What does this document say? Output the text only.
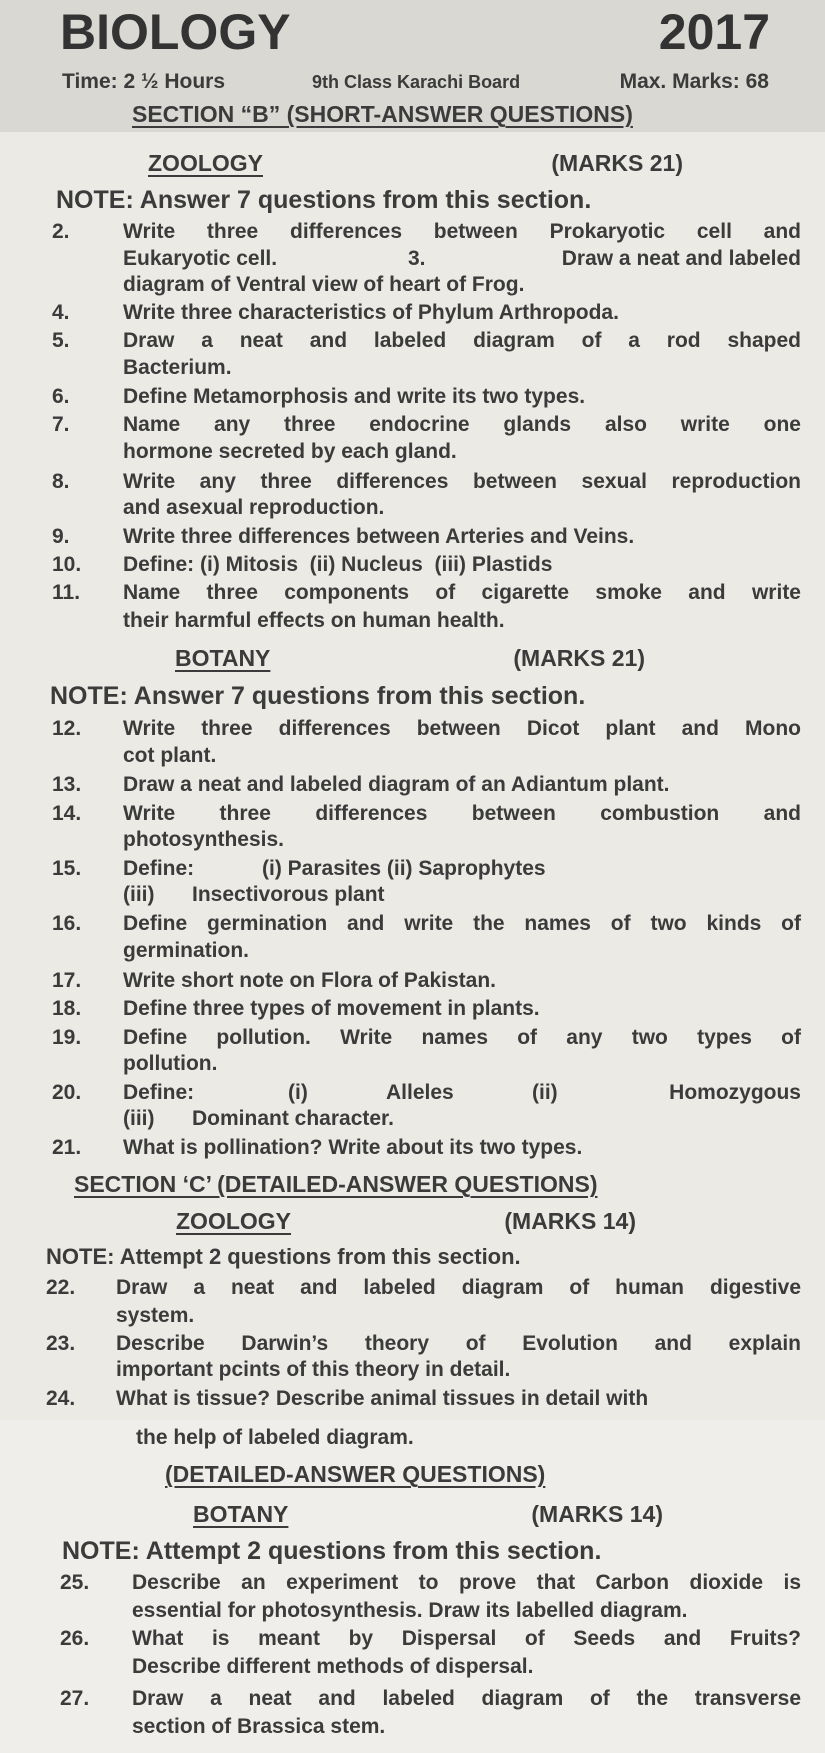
BIOLOGY	2017
Time: 2 ½ Hours	9th Class Karachi Board	Max. Marks: 68
SECTION “B” (SHORT-ANSWER QUESTIONS)
ZOOLOGY	(MARKS 21)
NOTE: Answer 7 questions from this section.
2.	Write three differences between Prokaryotic cell and
Eukaryotic cell.	3.	Draw a neat and labeled
diagram of Ventral view of heart of Frog.
4.	Write three characteristics of Phylum Arthropoda.
5.	Draw a neat and labeled diagram of a rod shaped
Bacterium.
6.	Define Metamorphosis and write its two types.
7.	Name any three endocrine glands also write one
hormone secreted by each gland.
8.	Write any three differences between sexual reproduction
and asexual reproduction.
9.	Write three differences between Arteries and Veins.
10. Define: (i) Mitosis  (ii) Nucleus  (iii) Plastids
11. Name three components of cigarette smoke and write
their harmful effects on human health.
BOTANY	(MARKS 21)
NOTE: Answer 7 questions from this section.
12. Write three differences between Dicot plant and Mono
cot plant.
13. Draw a neat and labeled diagram of an Adiantum plant.
14. Write three differences between combustion and
photosynthesis.
15. Define:	(i) Parasites (ii) Saprophytes
(iii) Insectivorous plant
16. Define germination and write the names of two kinds of
germination.
17. Write short note on Flora of Pakistan.
18. Define three types of movement in plants.
19. Define pollution. Write names of any two types of
pollution.
20. Define:	(i)	Alleles	(ii)	Homozygous
(iii) Dominant character.
21. What is pollination? Write about its two types.
SECTION ‘C’ (DETAILED-ANSWER QUESTIONS)
ZOOLOGY	(MARKS 14)
NOTE: Attempt 2 questions from this section.
22. Draw a neat and labeled diagram of human digestive
system.
23. Describe Darwin’s theory of Evolution and explain
important pcints of this theory in detail.
24. What is tissue? Describe animal tissues in detail with
the help of labeled diagram.
(DETAILED-ANSWER QUESTIONS)
BOTANY	(MARKS 14)
NOTE: Attempt 2 questions from this section.
25. Describe an experiment to prove that Carbon dioxide is
essential for photosynthesis. Draw its labelled diagram.
26. What is meant by Dispersal of Seeds and Fruits?
Describe different methods of dispersal.
27. Draw a neat and labeled diagram of the transverse
section of Brassica stem.
